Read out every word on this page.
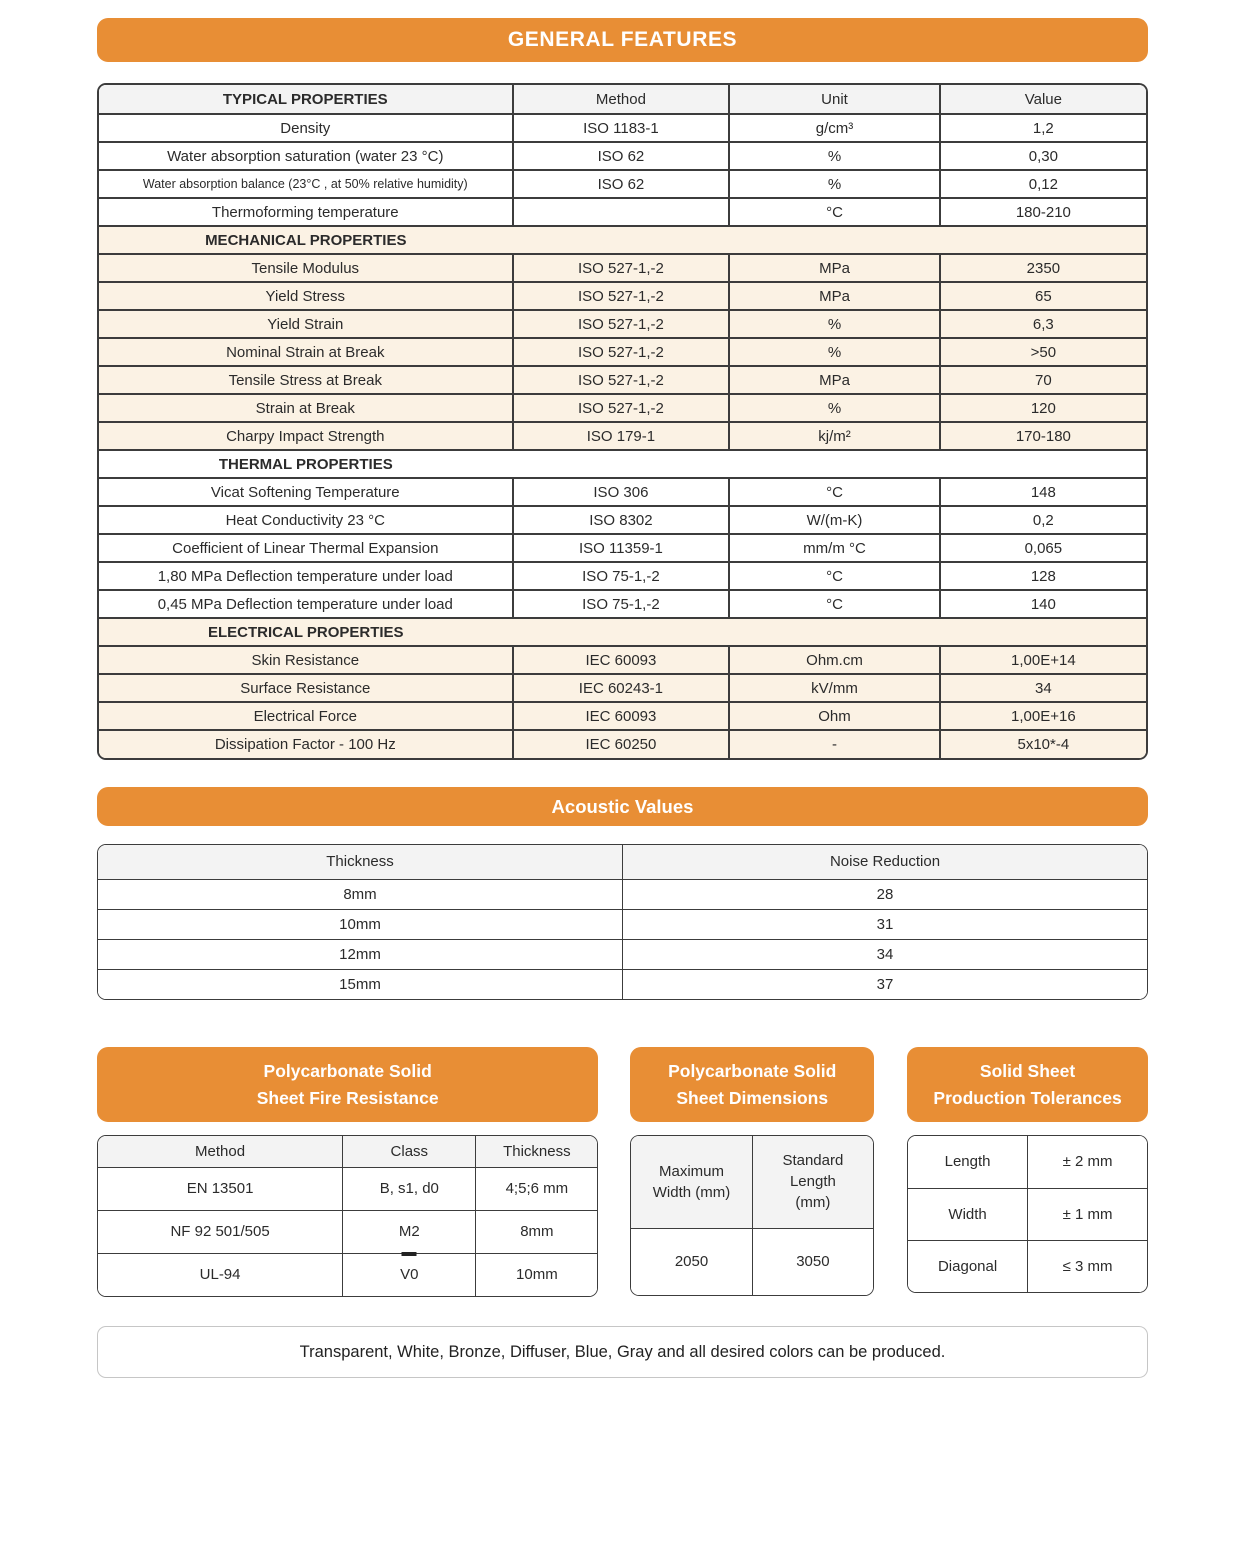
GENERAL FEATURES
TYPICAL PROPERTIES	Method	Unit	Value
Density	ISO 1183-1	g/cm³	1,2
Water absorption saturation (water 23 °C)	ISO 62	%	0,30
Water absorption balance (23°C , at 50% relative humidity)	ISO 62	%	0,12
Thermoforming temperature		°C	180-210
MECHANICAL PROPERTIES			
Tensile Modulus	ISO 527-1,-2	MPa	2350
Yield Stress	ISO 527-1,-2	MPa	65
Yield Strain	ISO 527-1,-2	%	6,3
Nominal Strain at Break	ISO 527-1,-2	%	>50
Tensile Stress at Break	ISO 527-1,-2	MPa	70
Strain at Break	ISO 527-1,-2	%	120
Charpy Impact Strength	ISO 179-1	kj/m²	170-180
THERMAL PROPERTIES			
Vicat Softening Temperature	ISO 306	°C	148
Heat Conductivity 23 °C	ISO 8302	W/(m-K)	0,2
Coefficient of Linear Thermal Expansion	ISO 11359-1	mm/m °C	0,065
1,80 MPa Deflection temperature under load	ISO 75-1,-2	°C	128
0,45 MPa Deflection temperature under load	ISO 75-1,-2	°C	140
ELECTRICAL PROPERTIES			
Skin Resistance	IEC 60093	Ohm.cm	1,00E+14
Surface Resistance	IEC 60243-1	kV/mm	34
Electrical Force	IEC 60093	Ohm	1,00E+16
Dissipation Factor - 100 Hz	IEC 60250	-	5x10*-4
Acoustic Values
Thickness	Noise Reduction
8mm	28
10mm	31
12mm	34
15mm	37
Polycarbonate Solid
Sheet Fire Resistance
Method	Class	Thickness
EN 13501	B, s1, d0	4;5;6 mm
NF 92 501/505	M2	8mm
UL-94	V0	10mm
Polycarbonate Solid
Sheet Dimensions
Maximum Width (mm)	Standard Length (mm)
2050	3050
Solid Sheet
Production Tolerances
Length	± 2 mm
Width	± 1 mm
Diagonal	≤ 3 mm
Transparent, White, Bronze, Diffuser, Blue, Gray and all desired colors can be produced.
